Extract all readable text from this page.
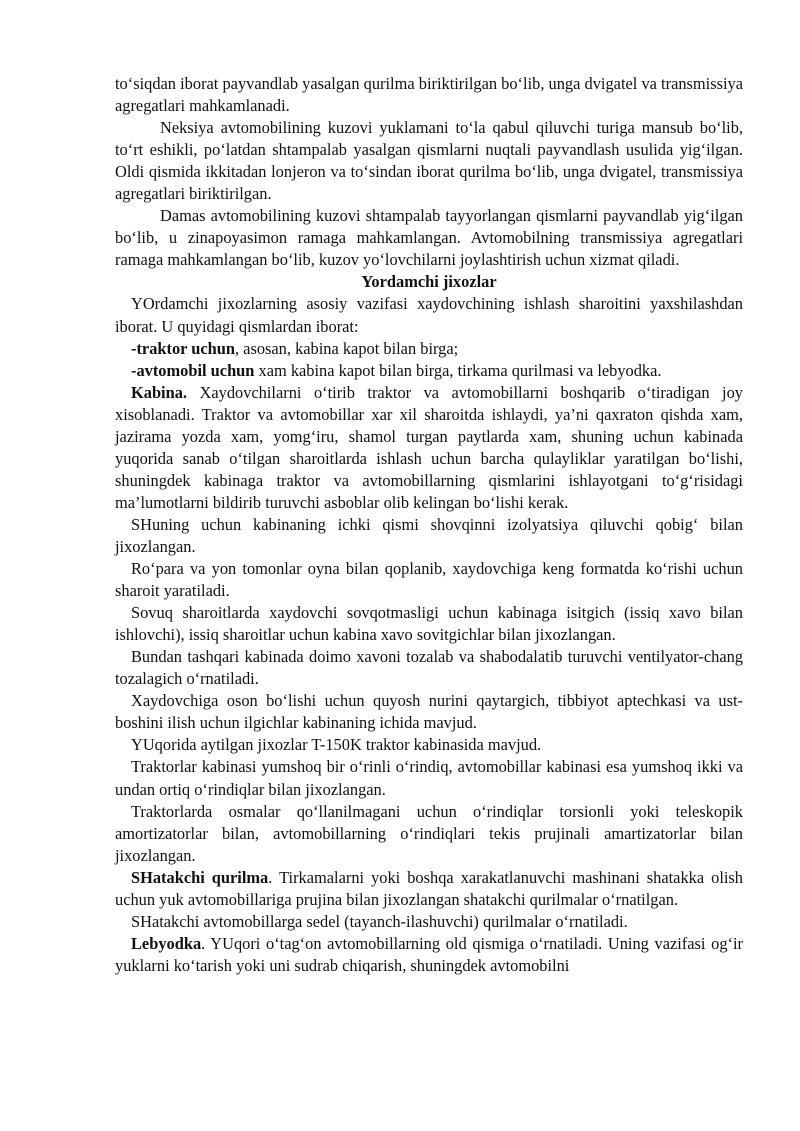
to‘siqdan iborat payvandlab yasalgan qurilma biriktirilgan bo‘lib, unga dvigatel va transmissiya agregatlari mahkamlanadi.

Neksiya avtomobilining kuzovi yuklamani to‘la qabul qiluvchi turiga mansub bo‘lib, to‘rt eshikli, po‘latdan shtampalab yasalgan qismlarni nuqtali payvandlash usulida yig‘ilgan. Oldi qismida ikkitadan lonjeron va to‘sindan iborat qurilma bo‘lib, unga dvigatel, transmissiya agregatlari biriktirilgan.

Damas avtomobilining kuzovi shtampalab tayyorlangan qismlarni payvandlab yig‘ilgan bo‘lib, u zinapoyasimon ramaga mahkamlangan. Avtomobilning transmissiya agregatlari ramaga mahkamlangan bo‘lib, kuzov yo‘lovchilarni joylashtirish uchun xizmat qiladi.

Yordamchi jixozlar

YOrdamchi jixozlarning asosiy vazifasi xaydovchining ishlash sharoitini yaxshilashdan iborat. U quyidagi qismlardan iborat:

-traktor uchun, asosan, kabina kapot bilan birga;

-avtomobil uchun xam kabina kapot bilan birga, tirkama qurilmasi va lebyodka.

Kabina. Xaydovchilarni o‘tirib traktor va avtomobillarni boshqarib o‘tiradigan joy xisoblanadi. Traktor va avtomobillar xar xil sharoitda ishlaydi, ya’ni qaxraton qishda xam, jazirama yozda xam, yomg‘iru, shamol turgan paytlarda xam, shuning uchun kabinada yuqorida sanab o‘tilgan sharoitlarda ishlash uchun barcha qulayliklar yaratilgan bo‘lishi, shuningdek kabinaga traktor va avtomobillarning qismlarini ishlayotgani to‘g‘risidagi ma’lumotlarni bildirib turuvchi asboblar olib kelingan bo‘lishi kerak.

SHuning uchun kabinaning ichki qismi shovqinni izolyatsiya qiluvchi qobig‘ bilan jixozlangan.

Ro‘para va yon tomonlar oyna bilan qoplanib, xaydovchiga keng formatda ko‘rishi uchun sharoit yaratiladi.

Sovuq sharoitlarda xaydovchi sovqotmasligi uchun kabinaga isitgich (issiq xavo bilan ishlovchi), issiq sharoitlar uchun kabina xavo sovitgichlar bilan jixozlangan.

Bundan tashqari kabinada doimo xavoni tozalab va shabodalatib turuvchi ventilyator-chang tozalagich o‘rnatiladi.

Xaydovchiga oson bo‘lishi uchun quyosh nurini qaytargich, tibbiyot aptechkasi va ust-boshini ilish uchun ilgichlar kabinaning ichida mavjud.

YUqorida aytilgan jixozlar T-150K traktor kabinasida mavjud.

Traktorlar kabinasi yumshoq bir o‘rinli o‘rindiq, avtomobillar kabinasi esa yumshoq ikki va undan ortiq o‘rindiqlar bilan jixozlangan.

Traktorlarda osmalar qo‘llanilmagani uchun o‘rindiqlar torsionli yoki teleskopik amortizatorlar bilan, avtomobillarning o‘rindiqlari tekis prujinali amartizatorlar bilan jixozlangan.

SHatakchi qurilma. Tirkamalarni yoki boshqa xarakatlanuvchi mashinani shatakka olish uchun yuk avtomobillariga prujina bilan jixozlangan shatakchi qurilmalar o‘rnatilgan.

SHatakchi avtomobillarga sedel (tayanch-ilashuvchi) qurilmalar o‘rnatiladi.

Lebyodka. YUqori o‘tag‘on avtomobillarning old qismiga o‘rnatiladi. Uning vazifasi og‘ir yuklarni ko‘tarish yoki uni sudrab chiqarish, shuningdek avtomobilni
